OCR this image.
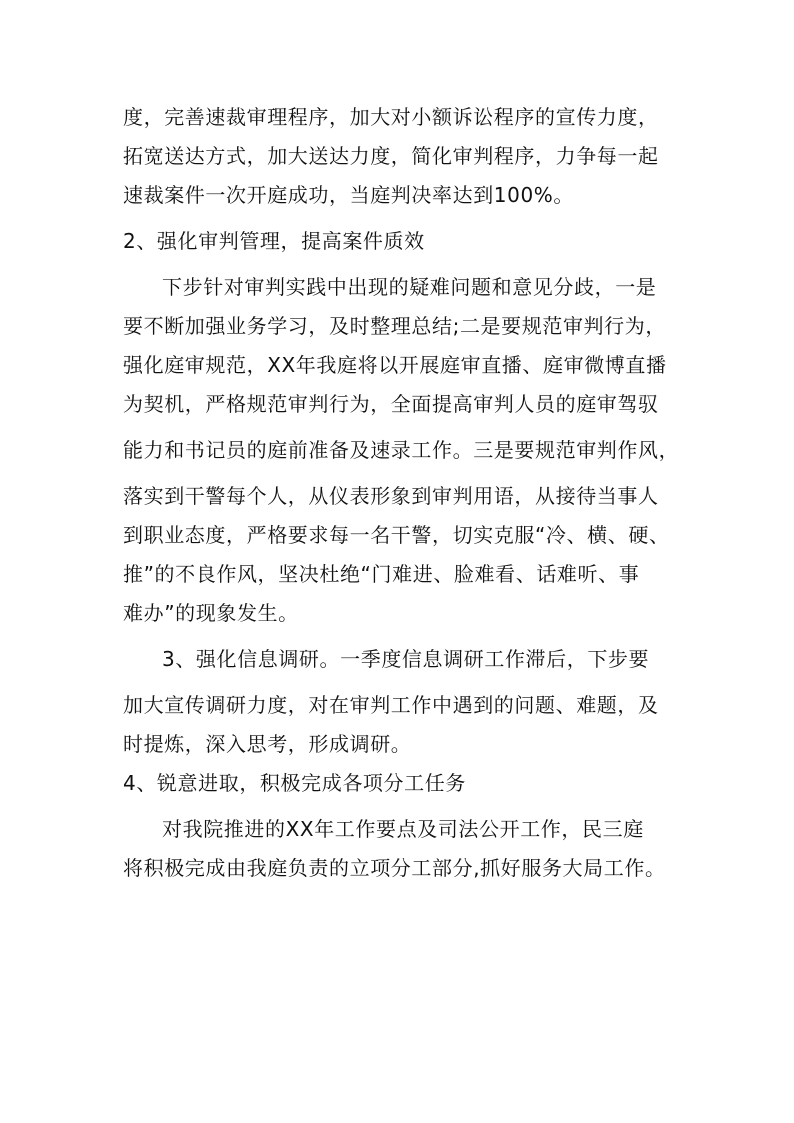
度，完善速裁审理程序，加大对小额诉讼程序的宣传力度，
拓宽送达方式，加大送达力度，简化审判程序，力争每一起
速裁案件一次开庭成功，当庭判决率达到100%。
2、强化审判管理，提高案件质效
下步针对审判实践中出现的疑难问题和意见分歧，一是
要不断加强业务学习，及时整理总结;二是要规范审判行为，
强化庭审规范，XX年我庭将以开展庭审直播、庭审微博直播
为契机，严格规范审判行为，全面提高审判人员的庭审驾驭
能力和书记员的庭前准备及速录工作。三是要规范审判作风，
落实到干警每个人，从仪表形象到审判用语，从接待当事人
到职业态度，严格要求每一名干警，切实克服“冷、横、硬、
推”的不良作风，坚决杜绝“门难进、脸难看、话难听、事
难办”的现象发生。
3、强化信息调研。一季度信息调研工作滞后，下步要
加大宣传调研力度，对在审判工作中遇到的问题、难题，及
时提炼，深入思考，形成调研。
4、锐意进取，积极完成各项分工任务
对我院推进的XX年工作要点及司法公开工作，民三庭
将积极完成由我庭负责的立项分工部分,抓好服务大局工作。
